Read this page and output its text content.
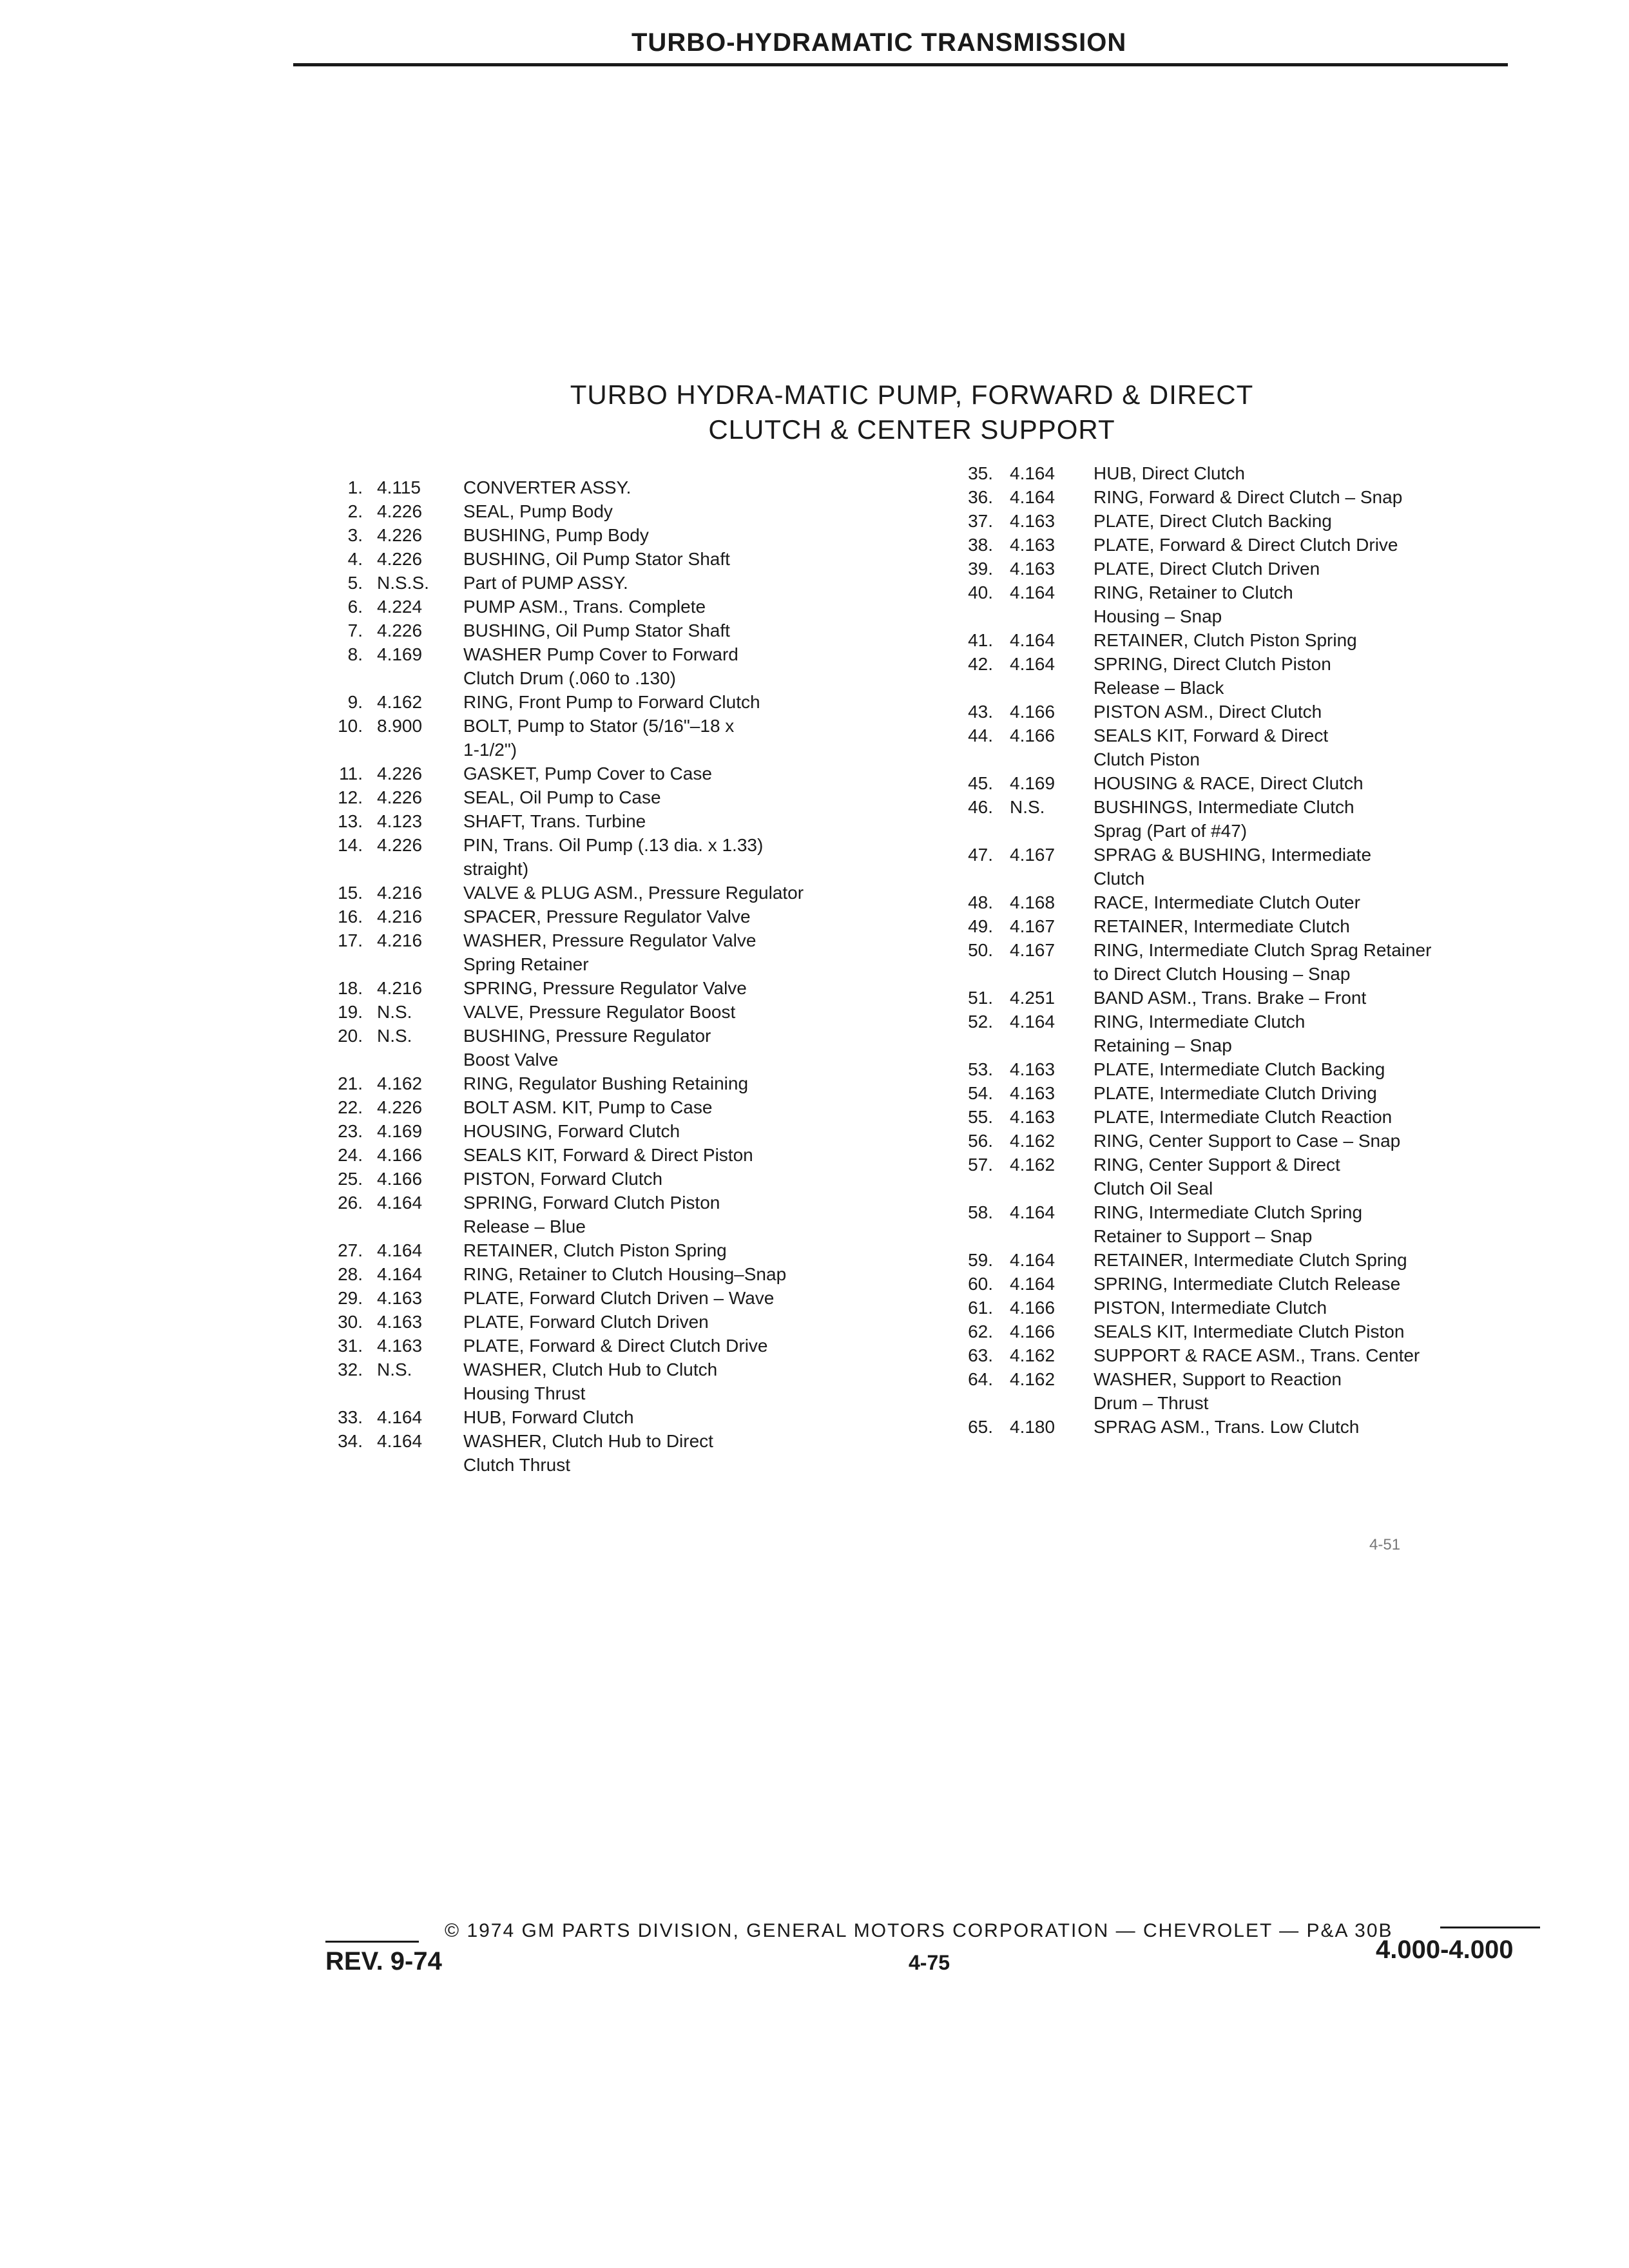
TURBO-HYDRAMATIC TRANSMISSION
TURBO HYDRA-MATIC PUMP, FORWARD & DIRECT
CLUTCH & CENTER SUPPORT
1. 4.115	CONVERTER ASSY.
2. 4.226	SEAL, Pump Body
3. 4.226	BUSHING, Pump Body
4. 4.226	BUSHING, Oil Pump Stator Shaft
5. N.S.S.	Part of PUMP ASSY.
6. 4.224	PUMP ASM., Trans. Complete
7. 4.226	BUSHING, Oil Pump Stator Shaft
8. 4.169	WASHER Pump Cover to Forward
Clutch Drum (.060 to .130)
9. 4.162	RING, Front Pump to Forward Clutch
10. 8.900	BOLT, Pump to Stator (5/16"–18 x
1-1/2")
11. 4.226	GASKET, Pump Cover to Case
12. 4.226	SEAL, Oil Pump to Case
13. 4.123	SHAFT, Trans. Turbine
14. 4.226	PIN, Trans. Oil Pump (.13 dia. x 1.33)
straight)
15. 4.216	VALVE & PLUG ASM., Pressure Regulator
16. 4.216	SPACER, Pressure Regulator Valve
17. 4.216	WASHER, Pressure Regulator Valve
Spring Retainer
18. 4.216	SPRING, Pressure Regulator Valve
19. N.S.	VALVE, Pressure Regulator Boost
20. N.S.	BUSHING, Pressure Regulator
Boost Valve
21. 4.162	RING, Regulator Bushing Retaining
22. 4.226	BOLT ASM. KIT, Pump to Case
23. 4.169	HOUSING, Forward Clutch
24. 4.166	SEALS KIT, Forward & Direct Piston
25. 4.166	PISTON, Forward Clutch
26. 4.164	SPRING, Forward Clutch Piston
Release – Blue
27. 4.164	RETAINER, Clutch Piston Spring
28. 4.164	RING, Retainer to Clutch Housing–Snap
29. 4.163	PLATE, Forward Clutch Driven – Wave
30. 4.163	PLATE, Forward Clutch Driven
31. 4.163	PLATE, Forward & Direct Clutch Drive
32. N.S.	WASHER, Clutch Hub to Clutch
Housing Thrust
33. 4.164	HUB, Forward Clutch
34. 4.164	WASHER, Clutch Hub to Direct
Clutch Thrust
35. 4.164	HUB, Direct Clutch
36. 4.164	RING, Forward & Direct Clutch – Snap
37. 4.163	PLATE, Direct Clutch Backing
38. 4.163	PLATE, Forward & Direct Clutch Drive
39. 4.163	PLATE, Direct Clutch Driven
40. 4.164	RING, Retainer to Clutch
Housing – Snap
41. 4.164	RETAINER, Clutch Piston Spring
42. 4.164	SPRING, Direct Clutch Piston
Release – Black
43. 4.166	PISTON ASM., Direct Clutch
44. 4.166	SEALS KIT, Forward & Direct
Clutch Piston
45. 4.169	HOUSING & RACE, Direct Clutch
46. N.S.	BUSHINGS, Intermediate Clutch
Sprag (Part of #47)
47. 4.167	SPRAG & BUSHING, Intermediate
Clutch
48. 4.168	RACE, Intermediate Clutch Outer
49. 4.167	RETAINER, Intermediate Clutch
50. 4.167	RING, Intermediate Clutch Sprag Retainer
to Direct Clutch Housing – Snap
51. 4.251	BAND ASM., Trans. Brake – Front
52. 4.164	RING, Intermediate Clutch
Retaining – Snap
53. 4.163	PLATE, Intermediate Clutch Backing
54. 4.163	PLATE, Intermediate Clutch Driving
55. 4.163	PLATE, Intermediate Clutch Reaction
56. 4.162	RING, Center Support to Case – Snap
57. 4.162	RING, Center Support & Direct
Clutch Oil Seal
58. 4.164	RING, Intermediate Clutch Spring
Retainer to Support – Snap
59. 4.164	RETAINER, Intermediate Clutch Spring
60. 4.164	SPRING, Intermediate Clutch Release
61. 4.166	PISTON, Intermediate Clutch
62. 4.166	SEALS KIT, Intermediate Clutch Piston
63. 4.162	SUPPORT & RACE ASM., Trans. Center
64. 4.162	WASHER, Support to Reaction
Drum – Thrust
65. 4.180	SPRAG ASM., Trans. Low Clutch
4-51
© 1974 GM PARTS DIVISION, GENERAL MOTORS CORPORATION — CHEVROLET — P&A 30B
REV. 9-74	4-75	4.000-4.000
